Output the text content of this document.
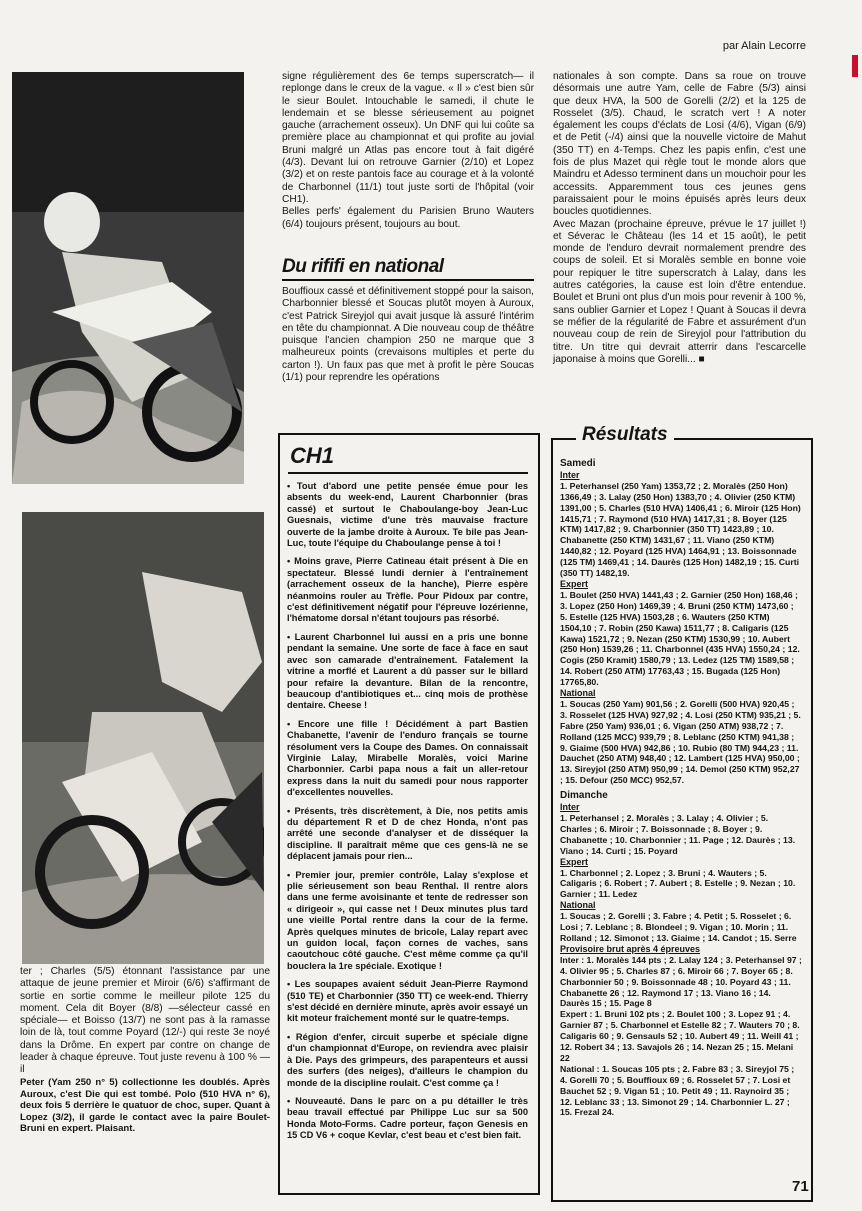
par Alain Lecorre

signe régulièrement des 6e temps superscratch— il replonge dans le creux de la vague. « Il » c'est bien sûr le sieur Boulet. Intouchable le samedi, il chute le lendemain et se blesse sérieusement au poignet gauche (arrachement osseux). Un DNF qui lui coûte sa première place au championnat et qui profite au jovial Bruni malgré un Atlas pas encore tout à fait digéré (4/3). Devant lui on retrouve Garnier (2/10) et Lopez (3/2) et on reste pantois face au courage et à la volonté de Charbonnel (11/1) tout juste sorti de l'hôpital (voir CH1).

Belles perfs' également du Parisien Bruno Wauters (6/4) toujours présent, toujours au bout.

Du rififi en national
Bouffioux cassé et définitivement stoppé pour la saison, Charbonnier blessé et Soucas plutôt moyen à Auroux, c'est Patrick Sireyjol qui avait jusque là assuré l'intérim en tête du championnat. A Die nouveau coup de théâtre puisque l'ancien champion 250 ne marque que 3 malheureux points (crevaisons multiples et perte du carton !). Un faux pas que met à profit le père Soucas (1/1) pour reprendre les opérations

nationales à son compte. Dans sa roue on trouve désormais une autre Yam, celle de Fabre (5/3) ainsi que deux HVA, la 500 de Gorelli (2/2) et la 125 de Rosselet (3/5). Chaud, le scratch vert ! A noter également les coups d'éclats de Losi (4/6), Vigan (6/9) et de Petit (-/4) ainsi que la nouvelle victoire de Mahut (350 TT) en 4-Temps. Chez les papis enfin, c'est une fois de plus Mazet qui règle tout le monde alors que Maindru et Adesso terminent dans un mouchoir pour les accessits. Apparemment tous ces jeunes gens paraissaient pour le moins épuisés après leurs deux boucles quotidiennes.

Avec Mazan (prochaine épreuve, prévue le 17 juillet !) et Séverac le Château (les 14 et 15 août), le petit monde de l'enduro devrait normalement prendre des coups de soleil. Et si Moralès semble en bonne voie pour repiquer le titre superscratch à Lalay, dans les autres catégories, la cause est loin d'être entendue. Boulet et Bruni ont plus d'un mois pour revenir à 100 %, sans oublier Garnier et Lopez ! Quant à Soucas il devra se méfier de la régularité de Fabre et assurément d'un nouveau coup de rein de Sireyjol pour l'attribution du titre. Un titre qui devrait atterrir dans l'escarcelle japonaise à moins que Gorelli... ■

CH1

• Tout d'abord une petite pensée émue pour les absents du week-end, Laurent Charbonnier (bras cassé) et surtout le Chaboulange-boy Jean-Luc Guesnais, victime d'une très mauvaise fracture ouverte de la jambe droite à Auroux. Te bile pas Jean-Luc, toute l'équipe du Chaboulange pense à toi !

• Moins grave, Pierre Catineau était présent à Die en spectateur. Blessé lundi dernier à l'entraînement (arrachement osseux de la hanche), Pierre espère néanmoins rouler au Trèfle. Pour Pidoux par contre, c'est définitivement négatif pour l'épreuve lozérienne, l'hématome dorsal n'étant toujours pas résorbé.

• Laurent Charbonnel lui aussi en a pris une bonne pendant la semaine. Une sorte de face à face en saut avec son camarade d'entraînement. Fatalement la vitrine a morflé et Laurent a dû passer sur le billard pour refaire la devanture. Bilan de la rencontre, beaucoup d'antibiotiques et... cinq mois de prothèse dentaire. Cheese !

• Encore une fille ! Décidément à part Bastien Chabanette, l'avenir de l'enduro français se tourne résolument vers la Coupe des Dames. On connaissait Virginie Lalay, Mirabelle Moralès, voici Marine Charbonnier. Carbi papa nous a fait un aller-retour express dans la nuit du samedi pour nous rapporter d'excellentes nouvelles.

• Présents, très discrètement, à Die, nos petits amis du département R et D de chez Honda, n'ont pas arrêté une seconde d'analyser et de disséquer la discipline. Il paraîtrait même que ces gens-là ne se déplacent jamais pour rien...

• Premier jour, premier contrôle, Lalay s'explose et plie sérieusement son beau Renthal. Il rentre alors dans une ferme avoisinante et tente de redresser son « dirigeoir », qui casse net ! Deux minutes plus tard une vieille Portal rentre dans la cour de la ferme. Après quelques minutes de bricole, Lalay repart avec un guidon local, façon cornes de vaches, sans caoutchouc côté gauche. C'est même comme ça qu'il bouclera la 1re spéciale. Exotique !

• Les soupapes avaient séduit Jean-Pierre Raymond (510 TE) et Charbonnier (350 TT) ce week-end. Thierry s'est décidé en dernière minute, après avoir essayé un kit moteur fraîchement monté sur le quatre-temps.

• Région d'enfer, circuit superbe et spéciale digne d'un championnat d'Europe, on reviendra avec plaisir à Die. Pays des grimpeurs, des parapenteurs et aussi des surfers (des neiges), d'ailleurs le champion du monde de la discipline roulait. C'est comme ça !

• Nouveauté. Dans le parc on a pu détailler le très beau travail effectué par Philippe Luc sur sa 500 Honda Moto-Forms. Cadre porteur, façon Genesis en 15 CD V6 + coque Kevlar, c'est beau et c'est bien fait.

Résultats
Samedi
Inter

1. Peterhansel (250 Yam) 1353,72 ; 2. Moralès (250 Hon) 1366,49 ; 3. Lalay (250 Hon) 1383,70 ; 4. Olivier (250 KTM) 1391,00 ; 5. Charles (510 HVA) 1406,41 ; 6. Miroir (125 Hon) 1415,71 ; 7. Raymond (510 HVA) 1417,31 ; 8. Boyer (125 KTM) 1417,82 ; 9. Charbonnier (350 TT) 1423,89 ; 10. Chabanette (250 KTM) 1431,67 ; 11. Viano (250 KTM) 1440,82 ; 12. Poyard (125 HVA) 1464,91 ; 13. Boissonnade (125 TM) 1469,41 ; 14. Daurès (125 Hon) 1482,19 ; 15. Curti (350 TT) 1482,19.

Expert

1. Boulet (250 HVA) 1441,43 ; 2. Garnier (250 Hon) 168,46 ; 3. Lopez (250 Hon) 1469,39 ; 4. Bruni (250 KTM) 1473,60 ; 5. Estelle (125 HVA) 1503,28 ; 6. Wauters (250 KTM) 1504,10 ; 7. Robin (250 Kawa) 1511,77 ; 8. Caligaris (125 Kawa) 1521,72 ; 9. Nezan (250 KTM) 1530,99 ; 10. Aubert (250 Hon) 1539,26 ; 11. Charbonnel (435 HVA) 1550,24 ; 12. Cogis (250 Kramit) 1580,79 ; 13. Ledez (125 TM) 1589,58 ; 14. Robert (250 ATM) 17763,43 ; 15. Bugada (125 Hon) 17765,80.

National

1. Soucas (250 Yam) 901,56 ; 2. Gorelli (500 HVA) 920,45 ; 3. Rosselet (125 HVA) 927,92 ; 4. Losi (250 KTM) 935,21 ; 5. Fabre (250 Yam) 936,01 ; 6. Vigan (250 ATM) 938,72 ; 7. Rolland (125 MCC) 939,79 ; 8. Leblanc (250 KTM) 941,38 ; 9. Giaime (500 HVA) 942,86 ; 10. Rubio (80 TM) 944,23 ; 11. Dauchet (250 ATM) 948,40 ; 12. Lambert (125 HVA) 950,00 ; 13. Sireyjol (250 ATM) 950,99 ; 14. Demol (250 KTM) 952,27 ; 15. Defour (250 MCC) 952,57.

Dimanche
Inter

1. Peterhansel ; 2. Moralès ; 3. Lalay ; 4. Olivier ; 5. Charles ; 6. Miroir ; 7. Boissonnade ; 8. Boyer ; 9. Chabanette ; 10. Charbonnier ; 11. Page ; 12. Daurès ; 13. Viano ; 14. Curti ; 15. Poyard

Expert

1. Charbonnel ; 2. Lopez ; 3. Bruni ; 4. Wauters ; 5. Caligaris ; 6. Robert ; 7. Aubert ; 8. Estelle ; 9. Nezan ; 10. Garnier ; 11. Ledez

National

1. Soucas ; 2. Gorelli ; 3. Fabre ; 4. Petit ; 5. Rosselet ; 6. Losi ; 7. Leblanc ; 8. Blondeel ; 9. Vigan ; 10. Morin ; 11. Rolland ; 12. Simonot ; 13. Giaime ; 14. Candot ; 15. Serre

Provisoire brut après 4 épreuves

Inter : 1. Moralès 144 pts ; 2. Lalay 124 ; 3. Peterhansel 97 ; 4. Olivier 95 ; 5. Charles 87 ; 6. Miroir 66 ; 7. Boyer 65 ; 8. Charbonnier 50 ; 9. Boissonnade 48 ; 10. Poyard 43 ; 11. Chabanette 26 ; 12. Raymond 17 ; 13. Viano 16 ; 14. Daurès 15 ; 15. Page 8

Expert : 1. Bruni 102 pts ; 2. Boulet 100 ; 3. Lopez 91 ; 4. Garnier 87 ; 5. Charbonnel et Estelle 82 ; 7. Wauters 70 ; 8. Caligaris 60 ; 9. Gensauls 52 ; 10. Aubert 49 ; 11. Weill 41 ; 12. Robert 34 ; 13. Savajols 26 ; 14. Nezan 25 ; 15. Melani 22

National : 1. Soucas 105 pts ; 2. Fabre 83 ; 3. Sireyjol 75 ; 4. Gorelli 70 ; 5. Bouffioux 69 ; 6. Rosselet 57 ; 7. Losi et Bauchet 52 ; 9. Vigan 51 ; 10. Petit 49 ; 11. Raynoird 35 ; 12. Leblanc 33 ; 13. Simonot 29 ; 14. Charbonnier L. 27 ; 15. Frezal 24.

ter ; Charles (5/5) étonnant l'assistance par une attaque de jeune premier et Miroir (6/6) s'affirmant de sortie en sortie comme le meilleur pilote 125 du moment. Cela dit Boyer (8/8) —sélecteur cassé en spéciale— et Boisso (13/7) ne sont pas à la ramasse loin de là, tout comme Poyard (12/-) qui reste 3e noyé dans la Drôme. En expert par contre on change de leader à chaque épreuve. Tout juste revenu à 100 % —il
Peter (Yam 250 n° 5) collectionne les doublés. Après Auroux, c'est Die qui est tombé. Polo (510 HVA n° 6), deux fois 5 derrière le quatuor de choc, super. Quant à Lopez (3/2), il garde le contact avec la paire Boulet-Bruni en expert. Plaisant.
71
